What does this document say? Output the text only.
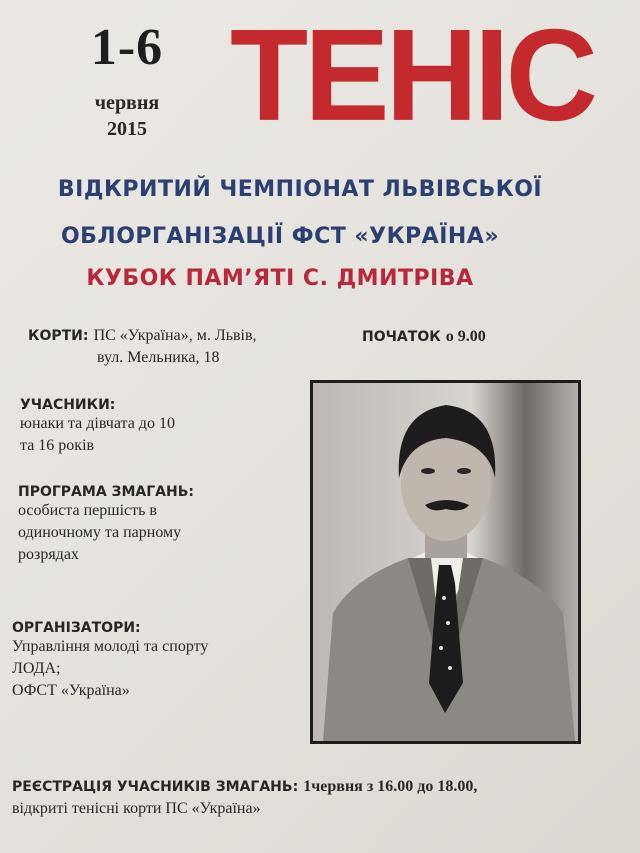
1-6
червня
2015 ТЕНІС
ВІДКРИТИЙ ЧЕМПІОНАТ ЛЬВІВСЬКОЇ
ОБЛОРГАНІЗАЦІЇ ФСТ «УКРАЇНА»
КУБОК ПАМ’ЯТІ С. ДМИТРІВА
КОРТИ: ПС «Україна», м. Львів,
вул. Мельника, 18
ПОЧАТОК о 9.00
УЧАСНИКИ:
юнаки та дівчата до 10
та 16 років
ПРОГРАМА ЗМАГАНЬ:
особиста першість в
одиночному та парному
розрядах
ОРГАНІЗАТОРИ:
Управління молоді та спорту
ЛОДА;
ОФСТ «Україна»
РЕЄСТРАЦІЯ УЧАСНИКІВ ЗМАГАНЬ: 1червня з 16.00 до 18.00,
відкриті тенісні корти ПС «Україна»
